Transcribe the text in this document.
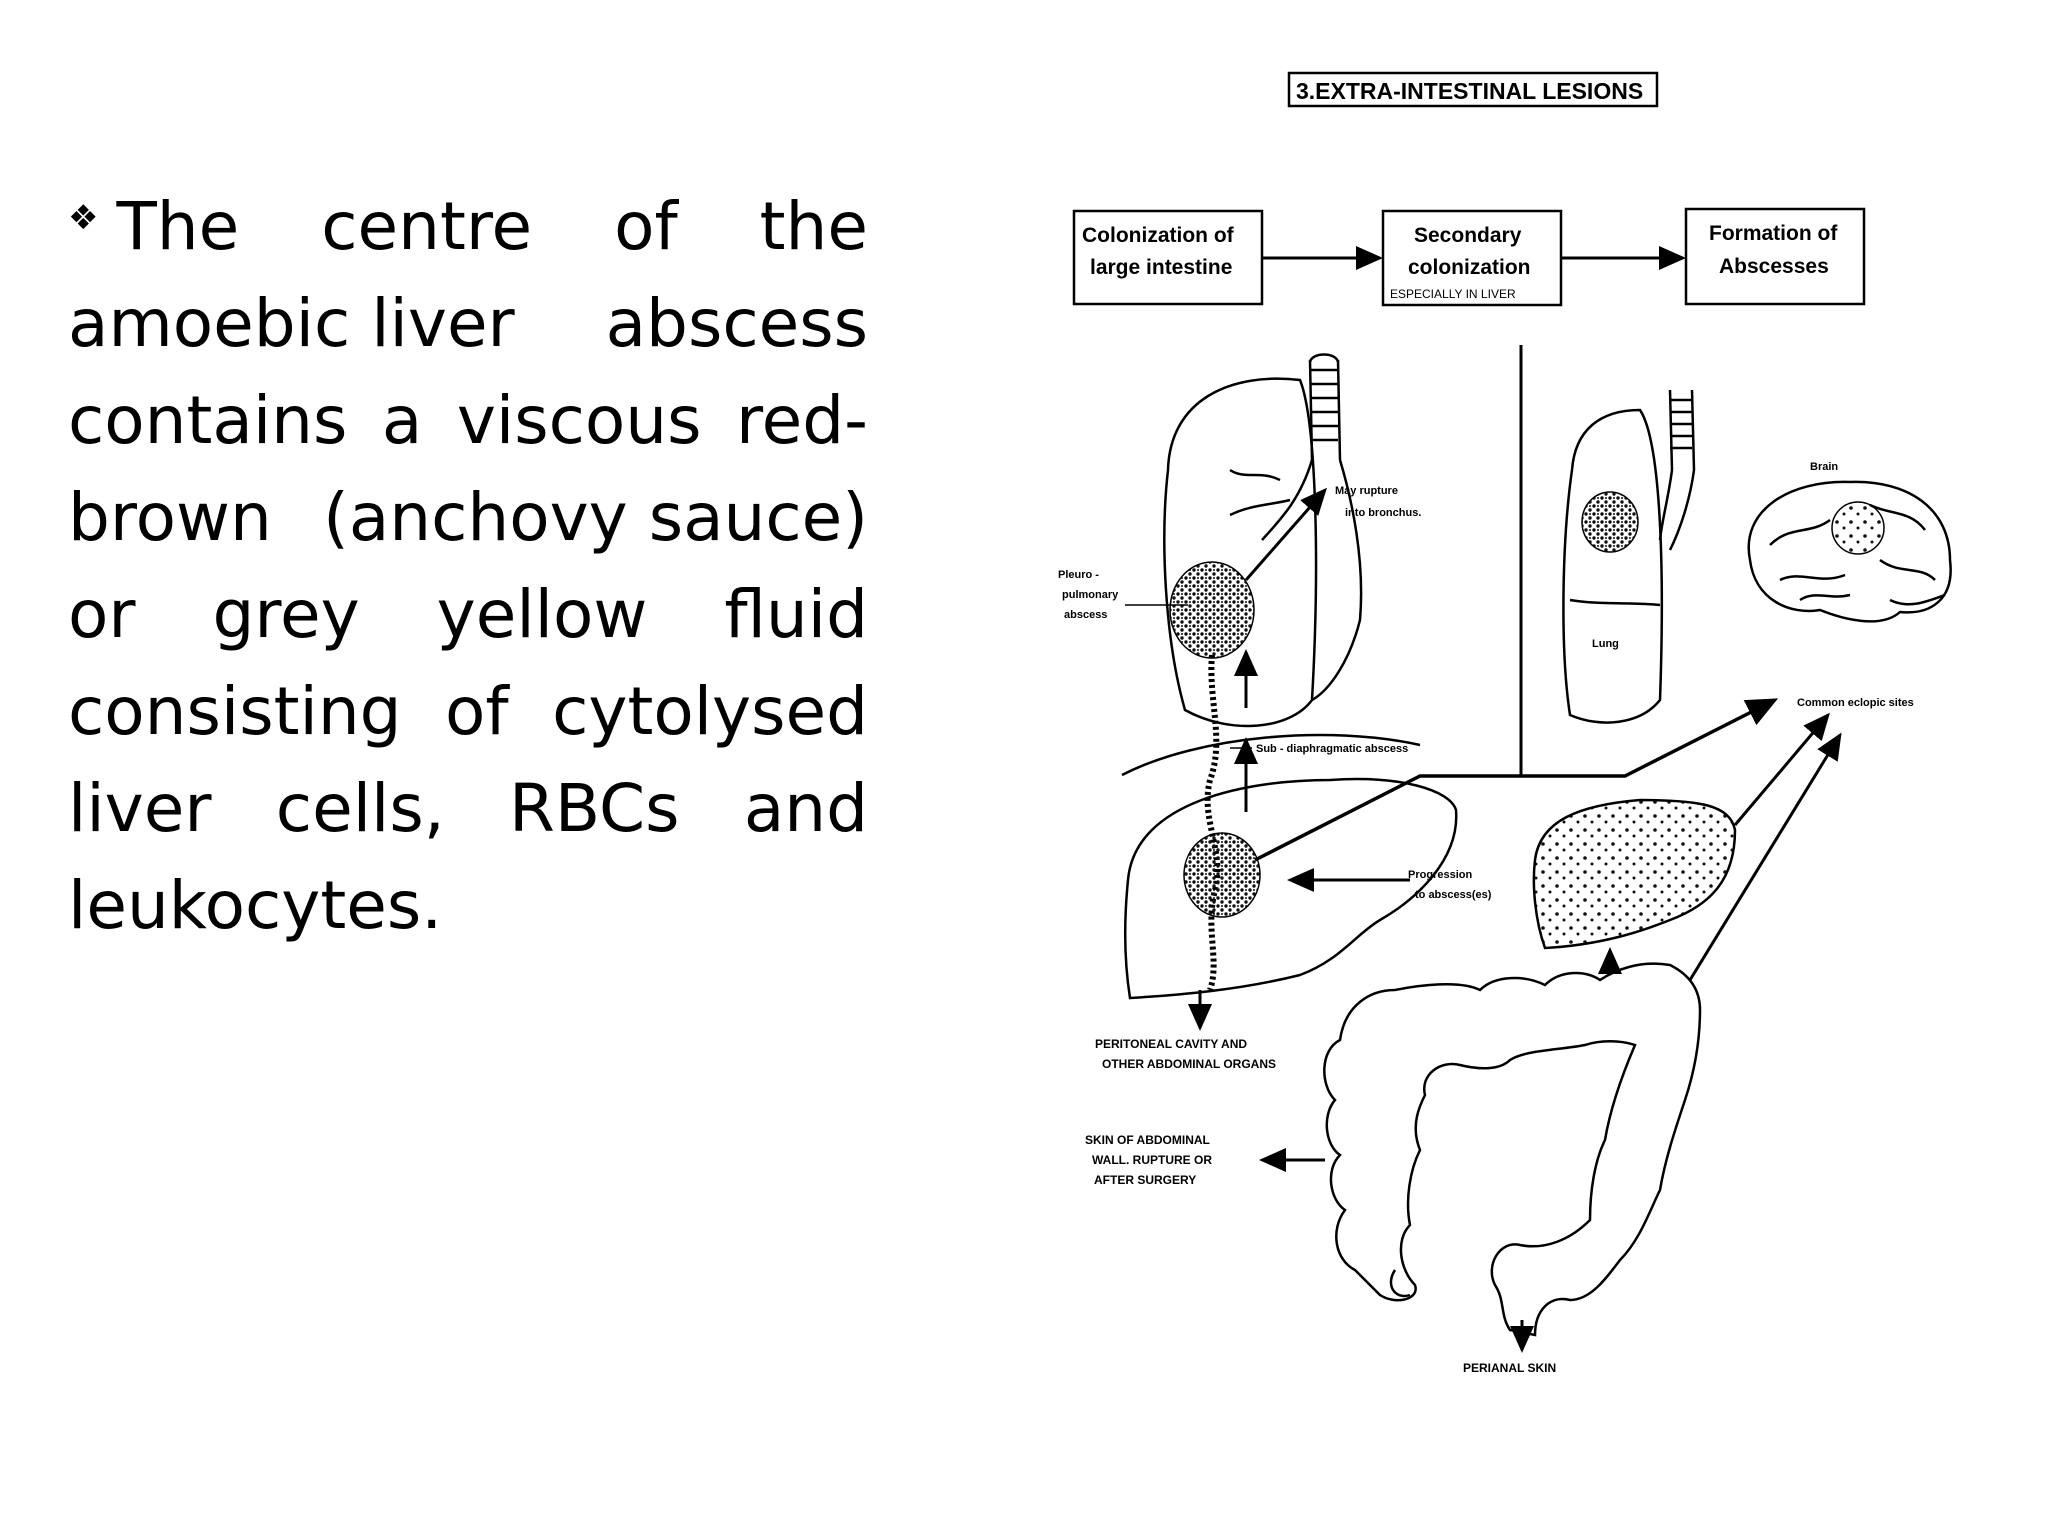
❖ The centre of the
amoebic liver abscess
contains a viscous red-
brown (anchovy sauce)
or grey yellow fluid
consisting of cytolysed
liver cells, RBCs and
leukocytes.
3.EXTRA-INTESTINAL LESIONS
Colonization of
large intestine
Secondary
colonization
ESPECIALLY IN LIVER
Formation of
Abscesses
May rupture
into bronchus.
Pleuro -
pulmonary
abscess
Sub - diaphragmatic abscess
Brain
Lung
Common eclopic sites
Progression
to abscess(es)
PERITONEAL CAVITY AND
OTHER ABDOMINAL ORGANS
SKIN OF ABDOMINAL
WALL. RUPTURE OR
AFTER SURGERY
PERIANAL SKIN
